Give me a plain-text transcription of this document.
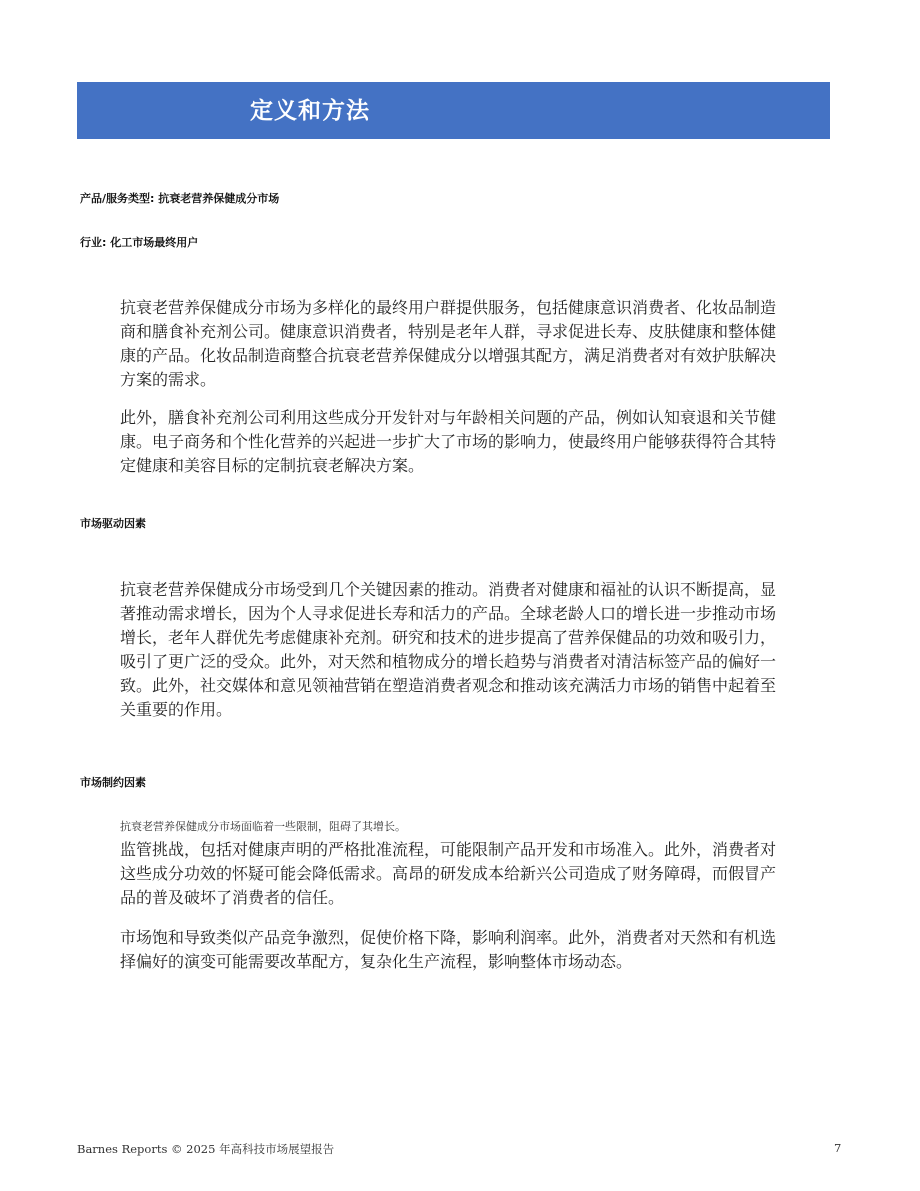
定义和方法
产品/服务类型: 抗衰老营养保健成分市场
行业: 化工市场最终用户

抗衰老营养保健成分市场为多样化的最终用户群提供服务，包括健康意识消费者、化妆品制造商和膳食补充剂公司。健康意识消费者，特别是老年人群，寻求促进长寿、皮肤健康和整体健康的产品。化妆品制造商整合抗衰老营养保健成分以增强其配方，满足消费者对有效护肤解决方案的需求。

此外，膳食补充剂公司利用这些成分开发针对与年龄相关问题的产品，例如认知衰退和关节健康。电子商务和个性化营养的兴起进一步扩大了市场的影响力，使最终用户能够获得符合其特定健康和美容目标的定制抗衰老解决方案。

市场驱动因素

抗衰老营养保健成分市场受到几个关键因素的推动。消费者对健康和福祉的认识不断提高，显著推动需求增长，因为个人寻求促进长寿和活力的产品。全球老龄人口的增长进一步推动市场增长，老年人群优先考虑健康补充剂。研究和技术的进步提高了营养保健品的功效和吸引力，吸引了更广泛的受众。此外，对天然和植物成分的增长趋势与消费者对清洁标签产品的偏好一致。此外，社交媒体和意见领袖营销在塑造消费者观念和推动该充满活力市场的销售中起着至关重要的作用。

市场制约因素
抗衰老营养保健成分市场面临着一些限制，阻碍了其增长。

监管挑战，包括对健康声明的严格批准流程，可能限制产品开发和市场准入。此外，消费者对这些成分功效的怀疑可能会降低需求。高昂的研发成本给新兴公司造成了财务障碍，而假冒产品的普及破坏了消费者的信任。

市场饱和导致类似产品竞争激烈，促使价格下降，影响利润率。此外，消费者对天然和有机选择偏好的演变可能需要改革配方，复杂化生产流程，影响整体市场动态。

Barnes Reports © 2025 年高科技市场展望报告	7
